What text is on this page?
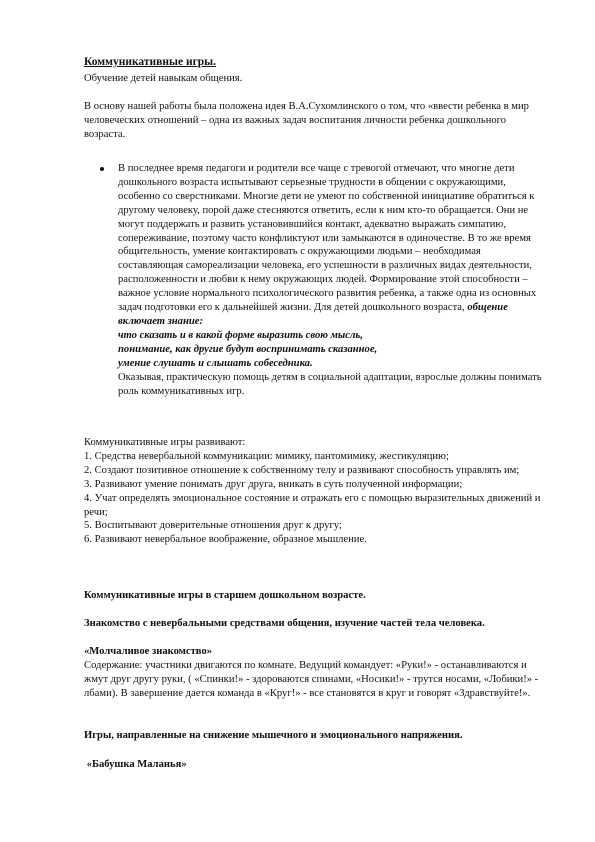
Коммуникативные игры.

Обучение детей навыкам общения.

В основу нашей работы была положена идея В.А.Сухомлинского о том, что «ввести ребенка в мир человеческих отношений – одна из важных задач воспитания личности ребенка дошкольного возраста.

В последнее время педагоги и родители все чаще с тревогой отмечают, что многие дети дошкольного возраста испытывают серьезные трудности в общении с окружающими, особенно со сверстниками. Многие дети не умеют по собственной инициативе обратиться к другому человеку, порой даже стесняются ответить, если к ним кто-то обращается. Они не могут поддержать и развить установившийся контакт, адекватно выражать симпатию, сопереживание, поэтому часто конфликтуют или замыкаются в одиночестве. В то же время общительность, умение контактировать с окружающими людьми – необходимая составляющая самореализации человека, его успешности в различных видах деятельности, расположенности и любви к нему окружающих людей. Формирование этой способности – важное условие нормального психологического развития ребенка, а также одна из основных задач подготовки его к дальнейшей жизни. Для детей дошкольного возраста, общение включает знание:

что сказать и в какой форме выразить свою мысль,

понимание, как другие будут воспринимать сказанное,

умение слушать и слышать собеседника.

Оказывая, практическую помощь детям в социальной адаптации, взрослые должны понимать роль коммуникативных игр.

Коммуникативные игры развивают:

1. Средства невербальной коммуникации: мимику, пантомимику, жестикуляцию;

2. Создают позитивное отношение к собственному телу и развивают способность управлять им;

3. Развивают умение понимать друг друга, вникать в суть полученной информации;

4. Учат определять эмоциональное состояние и отражать его с помощью выразительных движений и речи;

5. Воспитывают доверительные отношения друг к другу;

6. Развивают невербальное воображение, образное мышление.

Коммуникативные игры в старшем дошкольном возрасте.

Знакомство с невербальными средствами общения, изучение частей тела человека.

«Молчаливое знакомство»

Содержание: участники двигаются по комнате. Ведущий командует: «Руки!» - останавливаются и жмут друг другу руки, ( «Спинки!» - здороваются спинами, «Носики!» - трутся носами, «Лобики!» - лбами). В завершение дается команда в «Круг!» - все становятся в круг и говорят «Здравствуйте!».

Игры, направленные на снижение мышечного и эмоционального напряжения.

«Бабушка Маланья»
